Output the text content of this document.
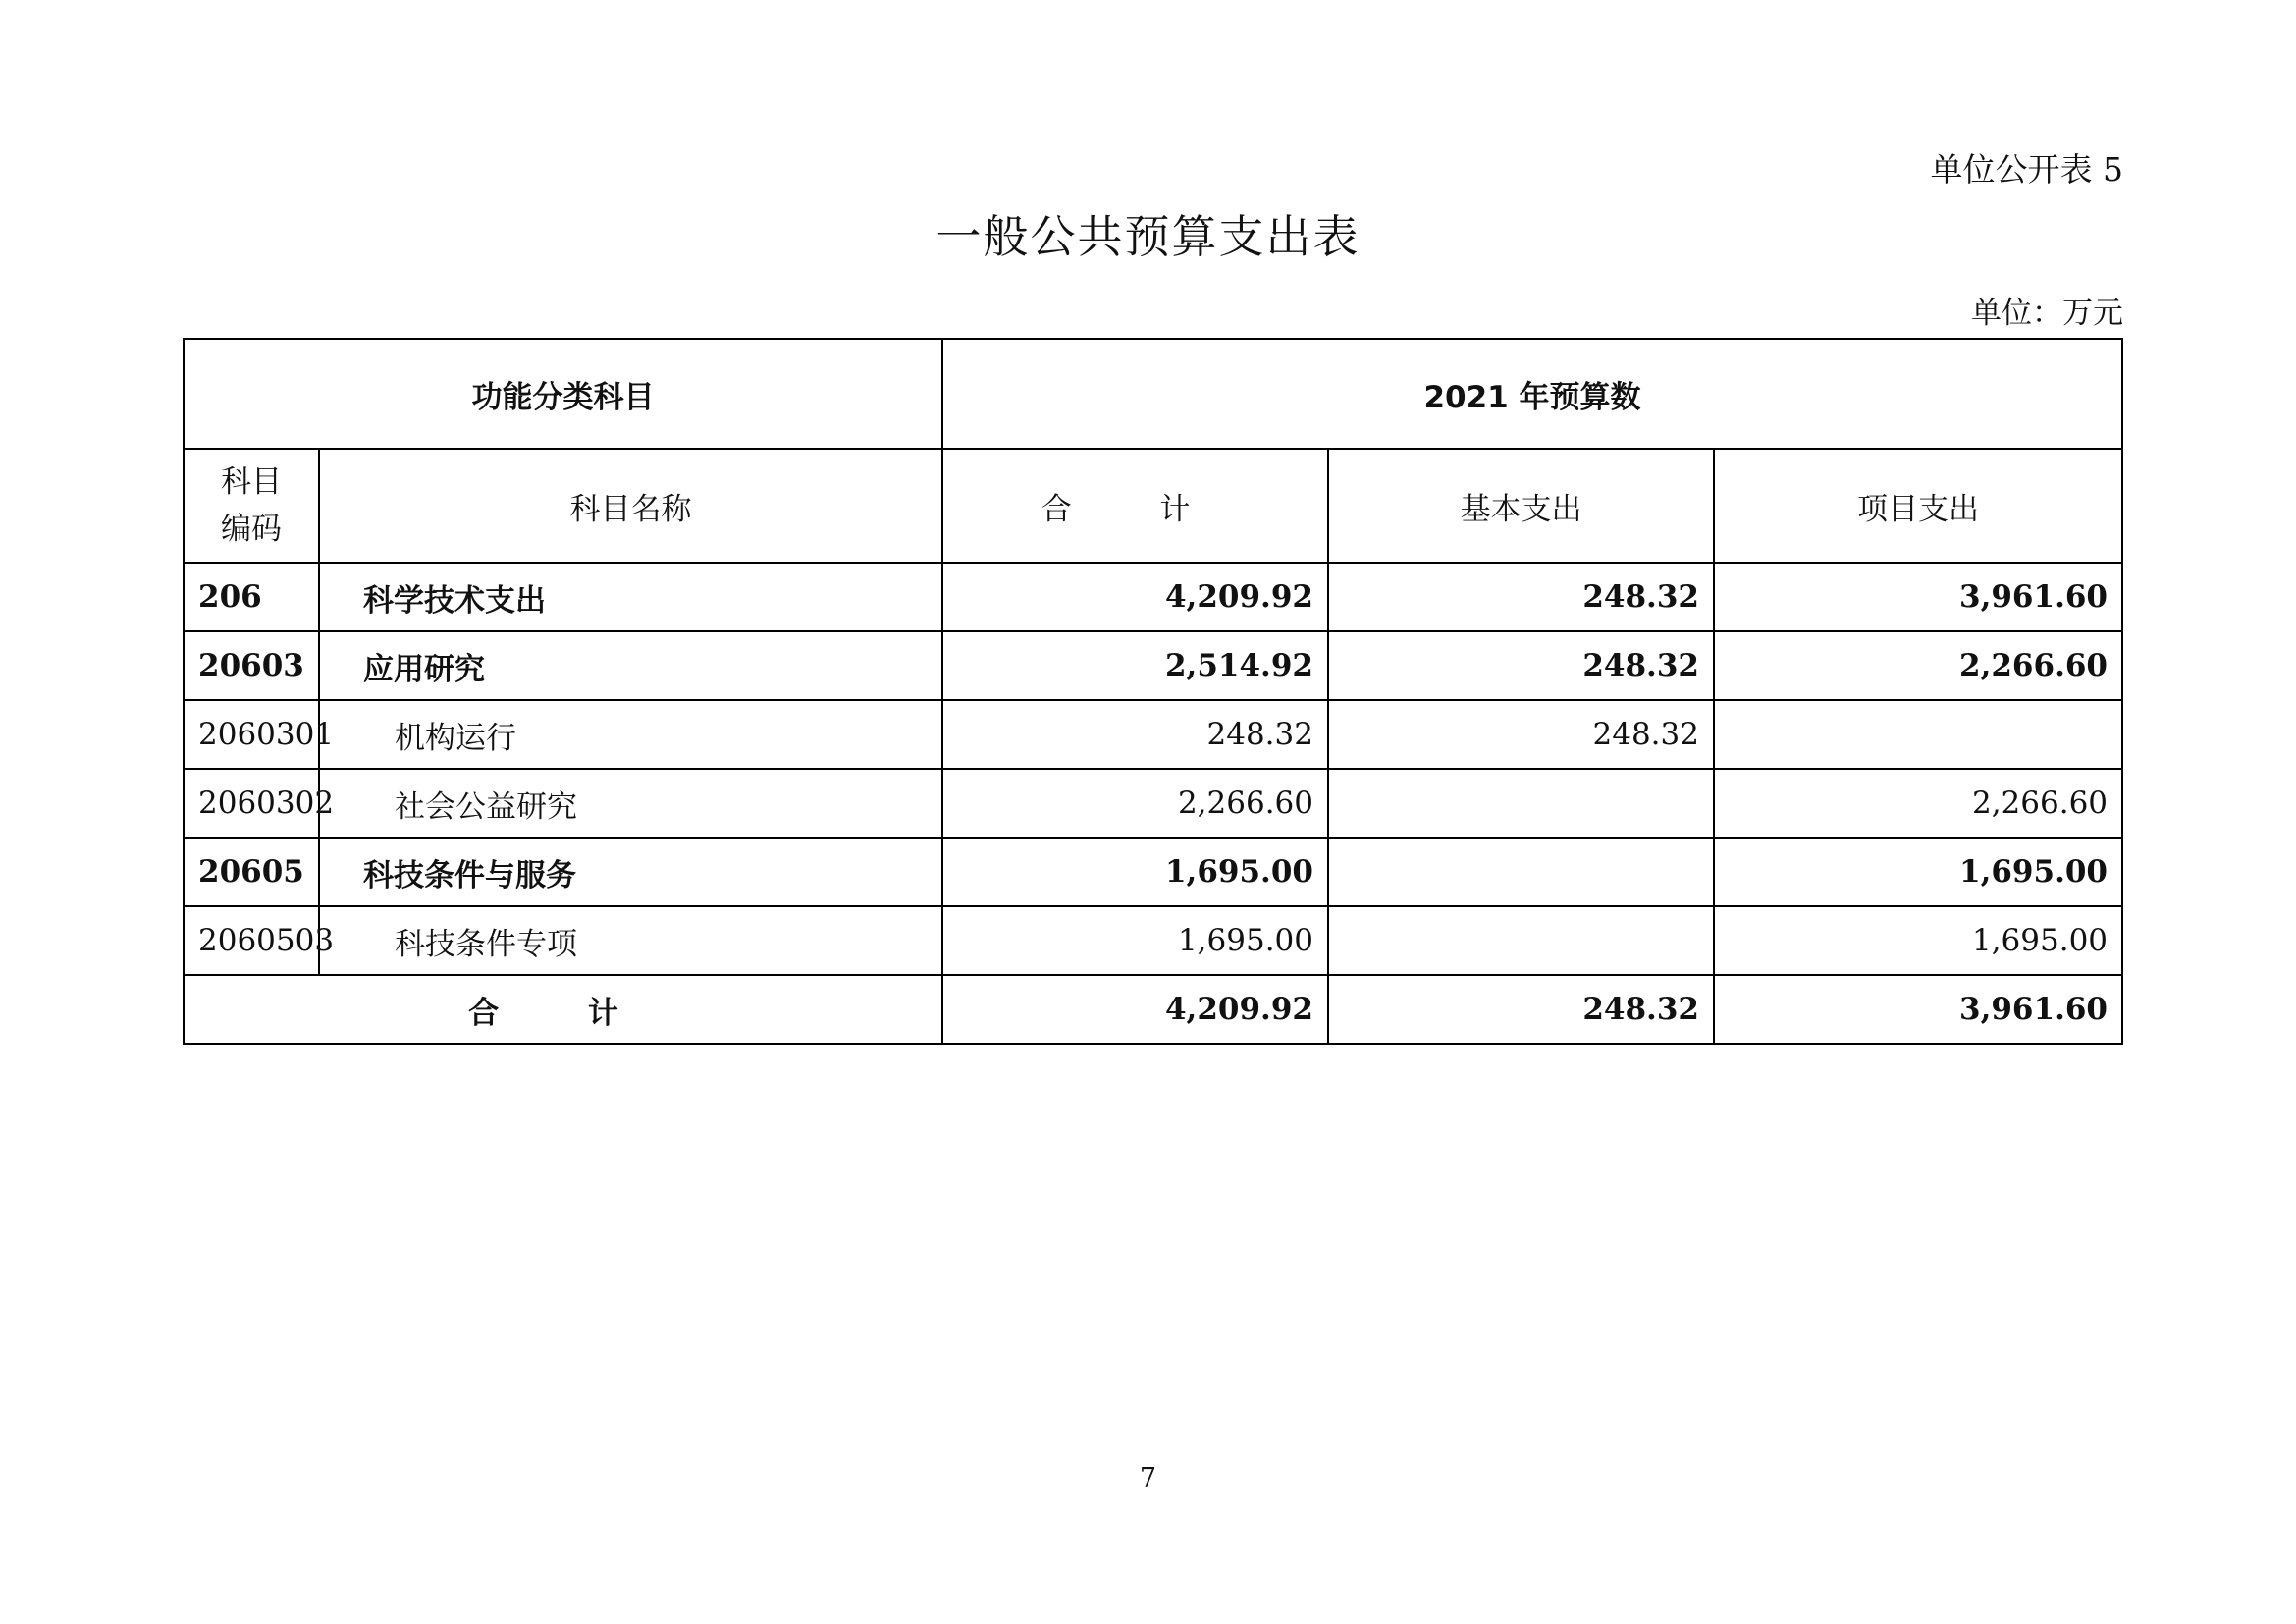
单位公开表 5
一般公共预算支出表
单位：万元
功能分类科目		2021 年预算数		
科目
编码	科目名称	合 计	基本支出	项目支出
206	科学技术支出	4,209.92	248.32	3,961.60
20603	应用研究	2,514.92	248.32	2,266.60
2060301	机构运行	248.32	248.32	
2060302	社会公益研究	2,266.60		2,266.60
20605	科技条件与服务	1,695.00		1,695.00
2060503	科技条件专项	1,695.00		1,695.00
合 计		4,209.92	248.32	3,961.60
7
